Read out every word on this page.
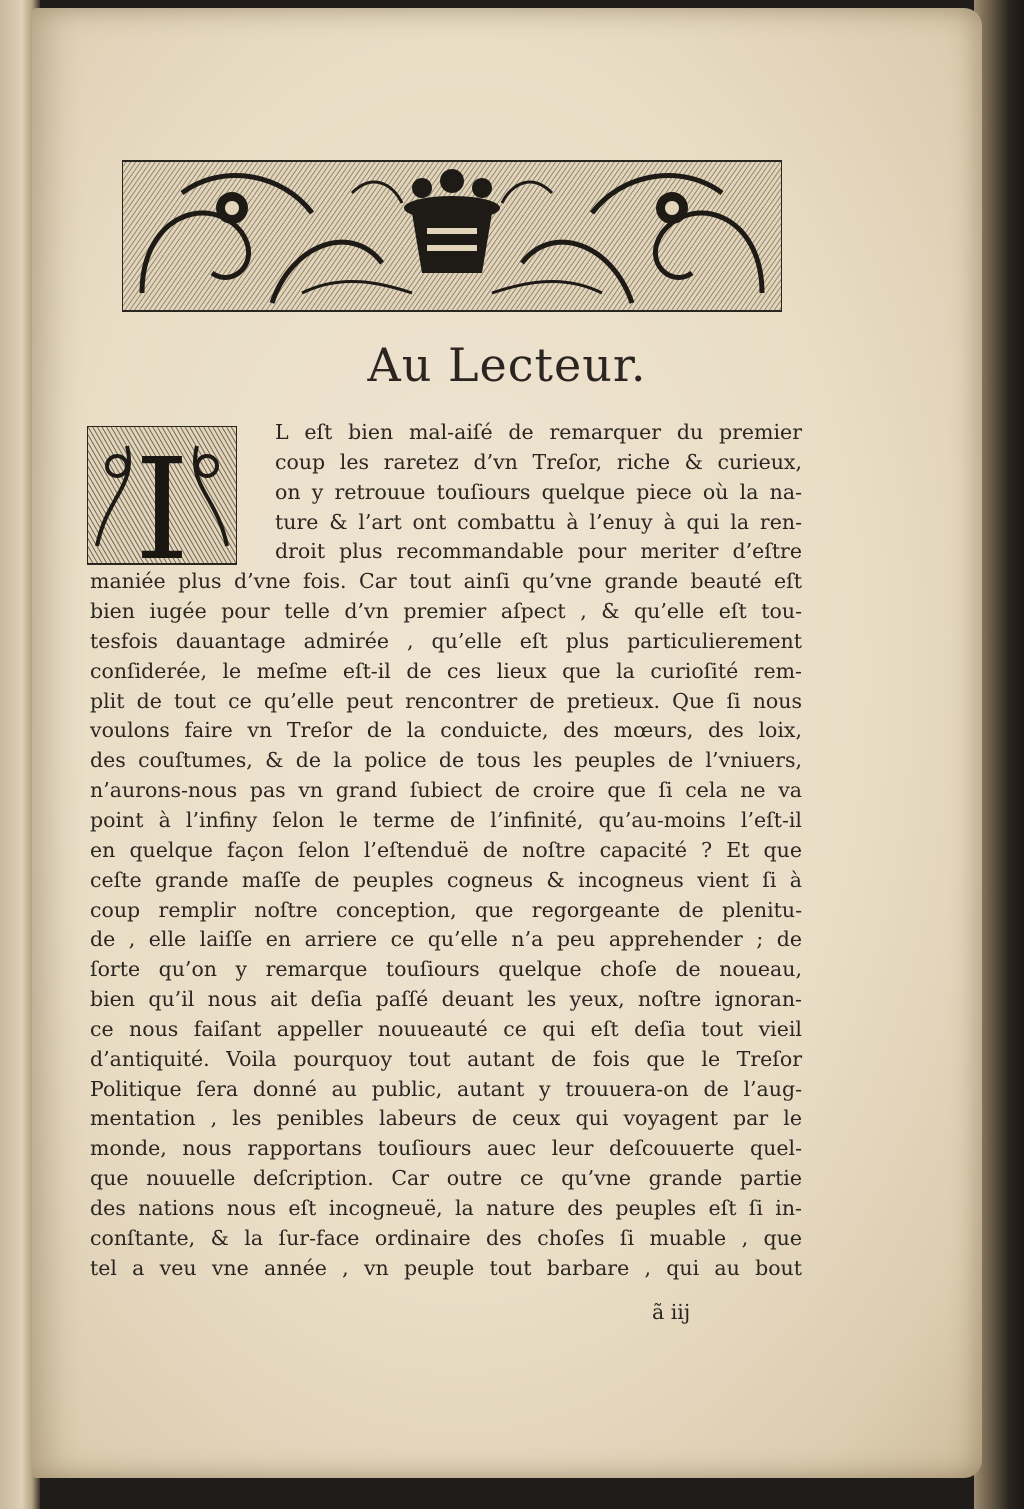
Au Lecteur.
I	L eſt bien mal-aiſé de remarquer du premier
coup les raretez d’vn Treſor, riche & curieux,
on y retrouue touſiours quelque piece où la na-
ture & l’art ont combattu à l’enuy à qui la ren-
droit plus recommandable pour meriter d’eſtre
maniée plus d’vne fois. Car tout ainſi qu’vne grande beauté eſt
bien iugée pour telle d’vn premier aſpect , & qu’elle eſt tou-
tesfois dauantage admirée , qu’elle eſt plus particulierement
conſiderée, le meſme eſt-il de ces lieux que la curioſité rem-
plit de tout ce qu’elle peut rencontrer de pretieux. Que ſi nous
voulons faire vn Treſor de la conduicte, des mœurs, des loix,
des couſtumes, & de la police de tous les peuples de l’vniuers,
n’aurons-nous pas vn grand ſubiect de croire que ſi cela ne va
point à l’infiny ſelon le terme de l’infinité, qu’au-moins l’eſt-il
en quelque façon ſelon l’eſtenduë de noſtre capacité ? Et que
ceſte grande maſſe de peuples cogneus & incogneus vient ſi à
coup remplir noſtre conception, que regorgeante de plenitu-
de , elle laiſſe en arriere ce qu’elle n’a peu apprehender ; de
ſorte qu’on y remarque touſiours quelque choſe de noueau,
bien qu’il nous ait deſia paſſé deuant les yeux, noſtre ignoran-
ce nous faiſant appeller nouueauté ce qui eſt deſia tout vieil
d’antiquité. Voila pourquoy tout autant de fois que le Treſor
Politique ſera donné au public, autant y trouuera-on de l’aug-
mentation , les penibles labeurs de ceux qui voyagent par le
monde, nous rapportans touſiours auec leur deſcouuerte quel-
que nouuelle deſcription. Car outre ce qu’vne grande partie
des nations nous eſt incogneuë, la nature des peuples eſt ſi in-
conſtante, & la ſur-face ordinaire des choſes ſi muable , que
tel a veu vne année , vn peuple tout barbare , qui au bout
ã iij
